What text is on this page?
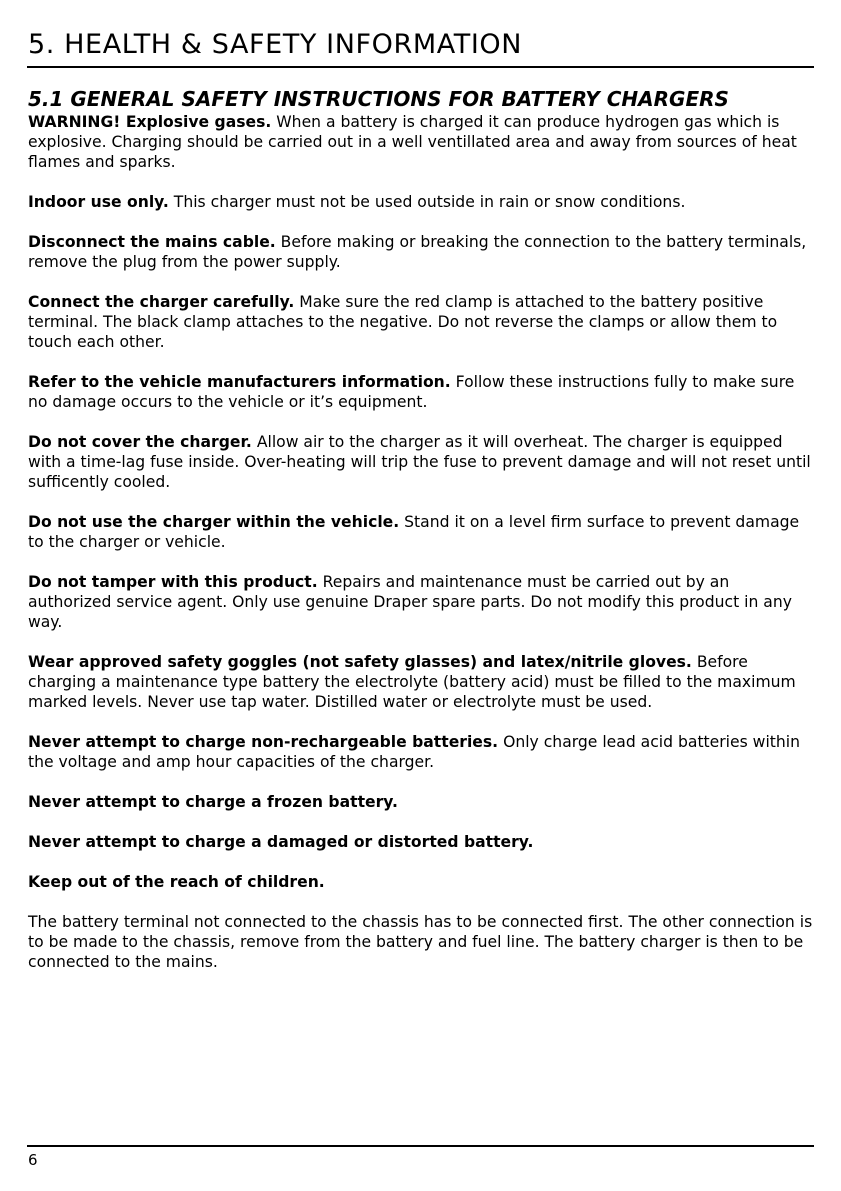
5. HEALTH & SAFETY INFORMATION
5.1 GENERAL SAFETY INSTRUCTIONS FOR BATTERY CHARGERS

WARNING! Explosive gases. When a battery is charged it can produce hydrogen gas which is explosive. Charging should be carried out in a well ventillated area and away from sources of heat flames and sparks.

Indoor use only. This charger must not be used outside in rain or snow conditions.

Disconnect the mains cable. Before making or breaking the connection to the battery terminals, remove the plug from the power supply.

Connect the charger carefully. Make sure the red clamp is attached to the battery positive terminal. The black clamp attaches to the negative. Do not reverse the clamps or allow them to touch each other.

Refer to the vehicle manufacturers information. Follow these instructions fully to make sure no damage occurs to the vehicle or it’s equipment.

Do not cover the charger. Allow air to the charger as it will overheat. The charger is equipped with a time-lag fuse inside. Over-heating will trip the fuse to prevent damage and will not reset until sufficently cooled.

Do not use the charger within the vehicle. Stand it on a level firm surface to prevent damage to the charger or vehicle.

Do not tamper with this product. Repairs and maintenance must be carried out by an authorized service agent. Only use genuine Draper spare parts. Do not modify this product in any way.

Wear approved safety goggles (not safety glasses) and latex/nitrile gloves. Before charging a maintenance type battery the electrolyte (battery acid) must be filled to the maximum marked levels. Never use tap water. Distilled water or electrolyte must be used.

Never attempt to charge non-rechargeable batteries. Only charge lead acid batteries within the voltage and amp hour capacities of the charger.

Never attempt to charge a frozen battery.

Never attempt to charge a damaged or distorted battery.

Keep out of the reach of children.

The battery terminal not connected to the chassis has to be connected first. The other connection is to be made to the chassis, remove from the battery and fuel line. The battery charger is then to be connected to the mains.

6
